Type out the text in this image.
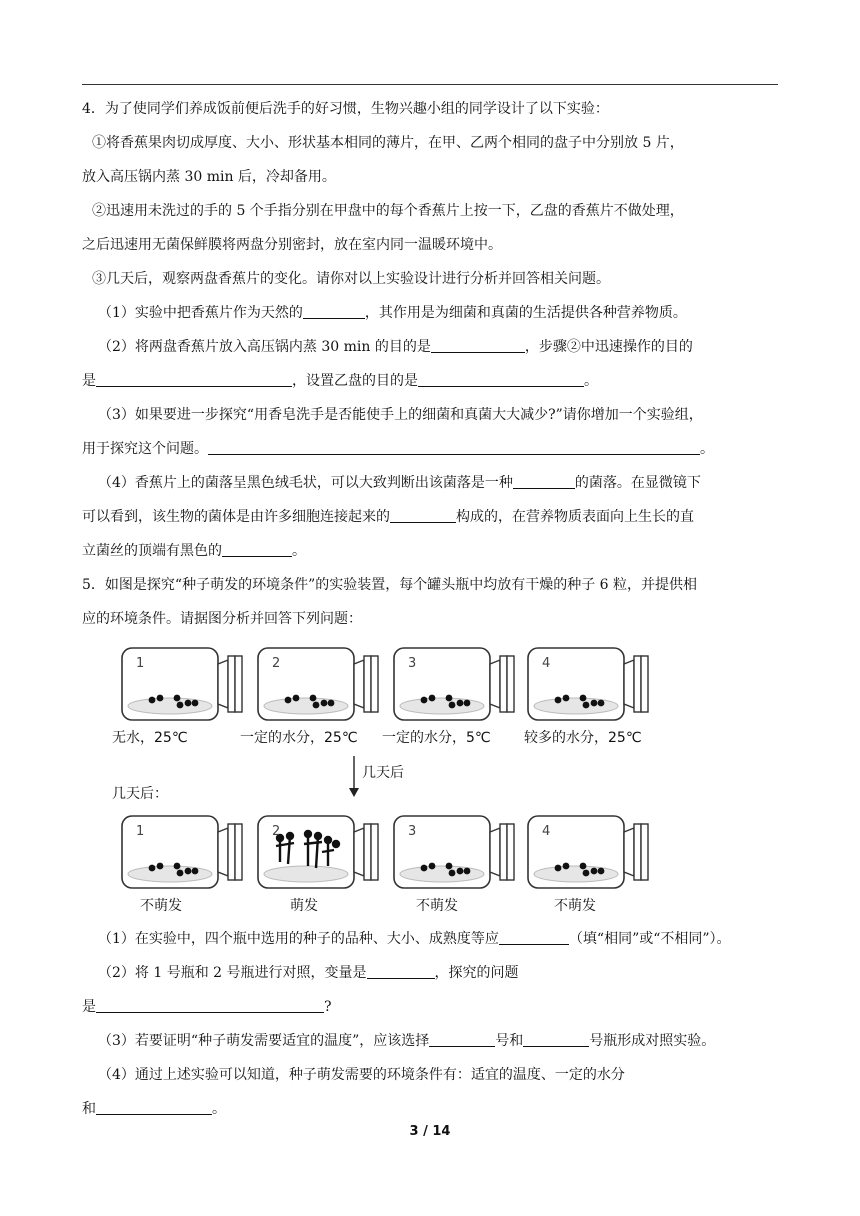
4．为了使同学们养成饭前便后洗手的好习惯，生物兴趣小组的同学设计了以下实验：
①将香蕉果肉切成厚度、大小、形状基本相同的薄片，在甲、乙两个相同的盘子中分别放 5 片，
放入高压锅内蒸 30 min 后，冷却备用。
②迅速用未洗过的手的 5 个手指分别在甲盘中的每个香蕉片上按一下，乙盘的香蕉片不做处理，
之后迅速用无菌保鲜膜将两盘分别密封，放在室内同一温暖环境中。
③几天后，观察两盘香蕉片的变化。请你对以上实验设计进行分析并回答相关问题。
（1）实验中把香蕉片作为天然的	，其作用是为细菌和真菌的生活提供各种营养物质。
（2）将两盘香蕉片放入高压锅内蒸 30 min 的目的是	，步骤②中迅速操作的目的
是	，设置乙盘的目的是	。
（3）如果要进一步探究“用香皂洗手是否能使手上的细菌和真菌大大减少?”请你增加一个实验组，
用于探究这个问题。	。
（4）香蕉片上的菌落呈黑色绒毛状，可以大致判断出该菌落是一种	的菌落。在显微镜下
可以看到，该生物的菌体是由许多细胞连接起来的	构成的，在营养物质表面向上生长的直
立菌丝的顶端有黑色的	。
5．如图是探究“种子萌发的环境条件”的实验装置，每个罐头瓶中均放有干燥的种子 6 粒，并提供相
应的环境条件。请据图分析并回答下列问题：
1	2	3	4
无水，25℃	一定的水分，25℃ 一定的水分，5℃ 较多的水分，25℃
几天后
几天后：
1	2	3	4
不萌发	萌发	不萌发	不萌发
（1）在实验中，四个瓶中选用的种子的品种、大小、成熟度等应	（填“相同”或“不相同”）。
（2）将 1 号瓶和 2 号瓶进行对照，变量是	，探究的问题
是	?
（3）若要证明“种子萌发需要适宜的温度”，应该选择	号和	号瓶形成对照实验。
（4）通过上述实验可以知道，种子萌发需要的环境条件有：适宜的温度、一定的水分
和	。
3 / 14
